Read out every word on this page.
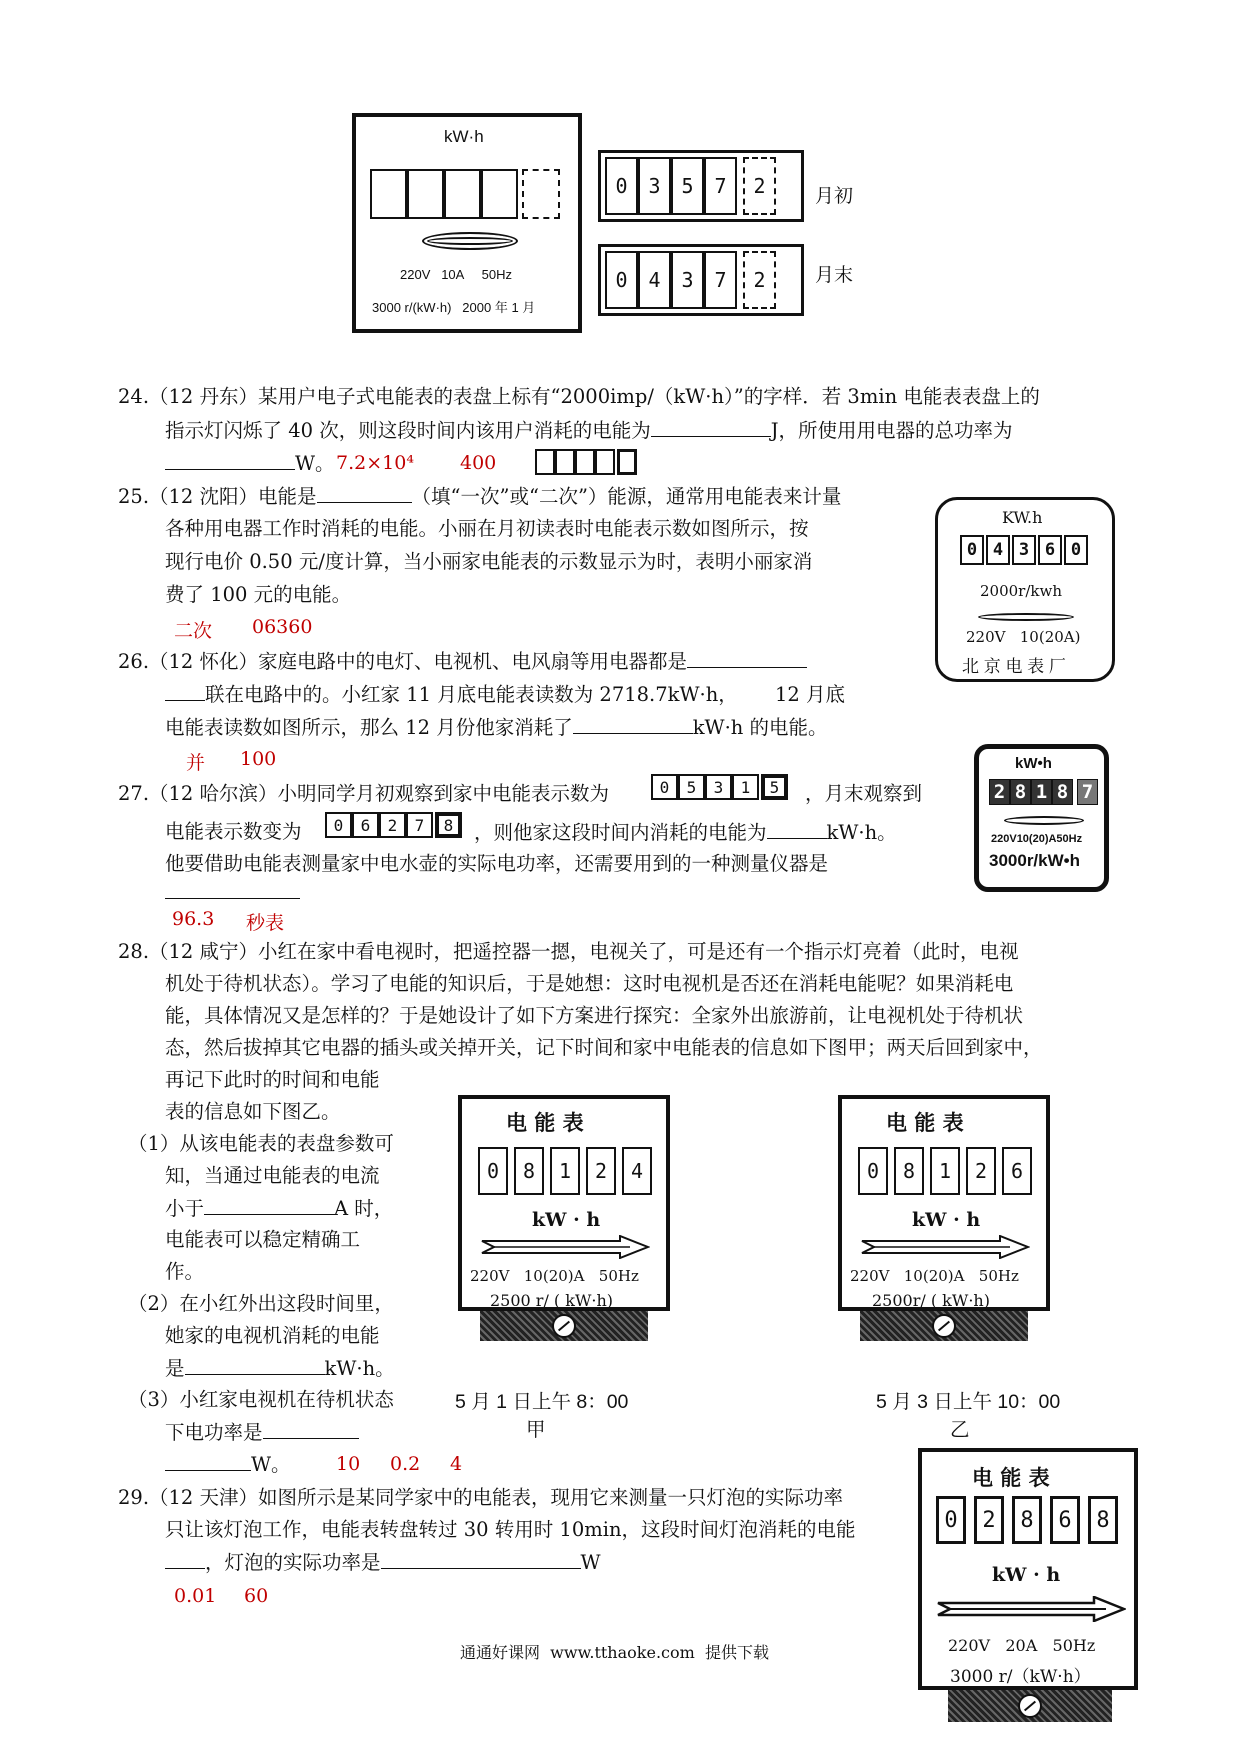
kW·h
220V   10A     50Hz
3000 r/(kW·h)   2000 年 1 月
0	3	5	7	2	月初
0	4	3	7	2	月末
24.（12 丹东）某用户电子式电能表的表盘上标有“2000imp/（kW·h）”的字样．若 3min 电能表表盘上的
指示灯闪烁了 40 次，则这段时间内该用户消耗的电能为	J，所使用用电器的总功率为
W。 7.2×10⁴ 400
25.（12 沈阳）电能是	（填“一次”或“二次”）能源，通常用电能表来计量
各种用电器工作时消耗的电能。小丽在月初读表时电能表示数如图所示，按
现行电价 0.50 元/度计算，当小丽家电能表的示数显示为时，表明小丽家消
费了 100 元的电能。
二次 06360
KW.h
0 4 3 6 0
2000r/kwh
220V   10(20A)
北 京 电 表 厂
26.（12 怀化）家庭电路中的电灯、电视机、电风扇等用电器都是
联在电路中的。小红家 11 月底电能表读数为 2718.7kW·h，      12 月底
电能表读数如图所示，那么 12 月份他家消耗了	kW·h 的电能。
并 100	kW•h
2 8 1 8 7
220V10(20)A50Hz
3000r/kW•h
27.（12 哈尔滨）小明同学月初观察到家中电能表示数为	0	5	3	1	5	，月末观察到
电能表示数变为	0	6	2	7	8	，则他家这段时间内消耗的电能为	kW·h。
他要借助电能表测量家中电水壶的实际电功率，还需要用到的一种测量仪器是
96.3 秒表
28.（12 咸宁）小红在家中看电视时，把遥控器一摁，电视关了，可是还有一个指示灯亮着（此时，电视
机处于待机状态）。学习了电能的知识后，于是她想：这时电视机是否还在消耗电能呢？如果消耗电
能，具体情况又是怎样的？于是她设计了如下方案进行探究：全家外出旅游前，让电视机处于待机状
态，然后拔掉其它电器的插头或关掉开关，记下时间和家中电能表的信息如下图甲；两天后回到家中，
再记下此时的时间和电能
表的信息如下图乙。
（1）从该电能表的表盘参数可
知，当通过电能表的电流
小于	A 时，
电能表可以稳定精确工
作。
（2）在小红外出这段时间里，
她家的电视机消耗的电能
是	kW·h。
（3）小红家电视机在待机状态
下电功率是
W。 10 0.2 4
电 能 表
0	8	1	2	4
kW · h
220V   10(20)A   50Hz
2500 r/ ( kW·h)
5 月 1 日上午 8：00
甲
电 能 表
0	8	1	2	6
kW · h
220V   10(20)A   50Hz
2500r/ ( kW·h)
5 月 3 日上午 10：00
乙
29.（12 天津）如图所示是某同学家中的电能表，现用它来测量一只灯泡的实际功率
只让该灯泡工作，电能表转盘转过 30 转用时 10min，这段时间灯泡消耗的电能
，灯泡的实际功率是	W
0.01 60
电 能 表
0	2	8	6	8
kW · h
220V   20A   50Hz
3000 r/（kW·h）
通通好课网  www.tthaoke.com  提供下载
